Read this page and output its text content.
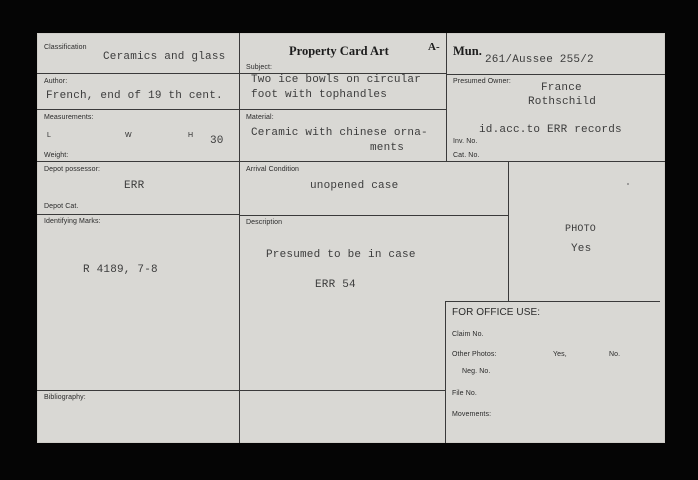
Classification
Ceramics and glass	Property Card Art	A- Mun.
261/Aussee 255/2
Author:
French, end of 19 th cent.
Subject:
Two ice bowls on circular
foot with tophandles
Presumed Owner:
France
Rothschild
id.acc.to ERR records
Measurements:
L	W	H 30
Weight:
Material:
Ceramic with chinese orna-
ments
Inv. No.
Cat. No.
Depot possessor:
ERR
Depot Cat.
Arrival Condition
unopened case
Identifying Marks:
R 4189, 7-8
Description
Presumed to be in case
ERR 54
PHOTO
Yes
FOR OFFICE USE:
Claim No.
Other Photos:	Yes,	No.
Neg. No.
File No.
Movements:
Bibliography:
